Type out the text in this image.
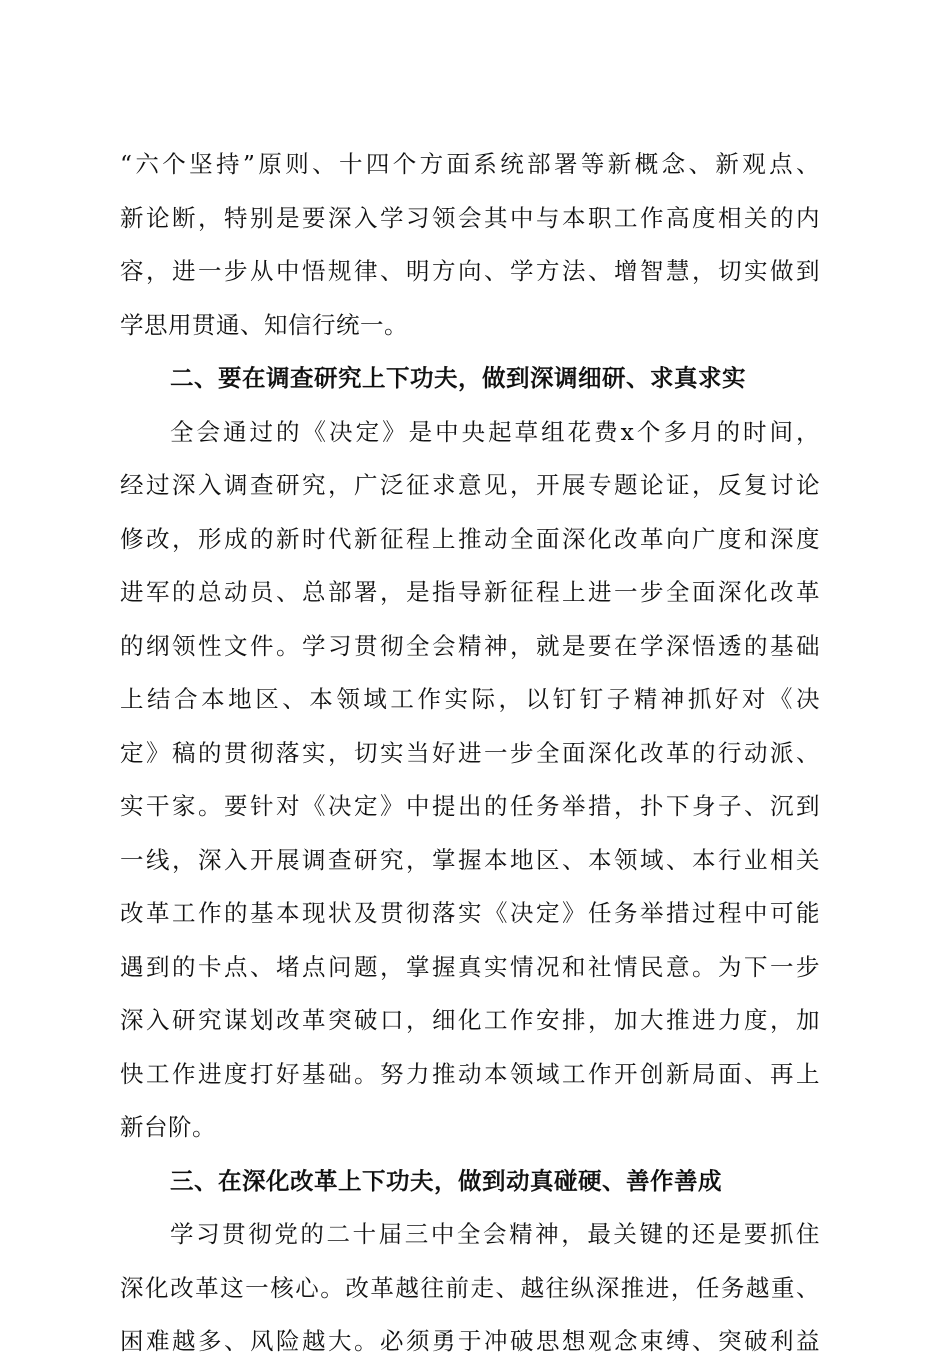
“六个坚持”原则、十四个方面系统部署等新概念、新观点、
新论断，特别是要深入学习领会其中与本职工作高度相关的内
容，进一步从中悟规律、明方向、学方法、增智慧，切实做到
学思用贯通、知信行统一。
二、要在调查研究上下功夫，做到深调细研、求真求实
全会通过的《决定》是中央起草组花费x个多月的时间，
经过深入调查研究，广泛征求意见，开展专题论证，反复讨论
修改，形成的新时代新征程上推动全面深化改革向广度和深度
进军的总动员、总部署，是指导新征程上进一步全面深化改革
的纲领性文件。学习贯彻全会精神，就是要在学深悟透的基础
上结合本地区、本领域工作实际，以钉钉子精神抓好对《决
定》稿的贯彻落实，切实当好进一步全面深化改革的行动派、
实干家。要针对《决定》中提出的任务举措，扑下身子、沉到
一线，深入开展调查研究，掌握本地区、本领域、本行业相关
改革工作的基本现状及贯彻落实《决定》任务举措过程中可能
遇到的卡点、堵点问题，掌握真实情况和社情民意。为下一步
深入研究谋划改革突破口，细化工作安排，加大推进力度，加
快工作进度打好基础。努力推动本领域工作开创新局面、再上
新台阶。
三、在深化改革上下功夫，做到动真碰硬、善作善成
学习贯彻党的二十届三中全会精神，最关键的还是要抓住
深化改革这一核心。改革越往前走、越往纵深推进，任务越重、
困难越多、风险越大。必须勇于冲破思想观念束缚、突破利益
